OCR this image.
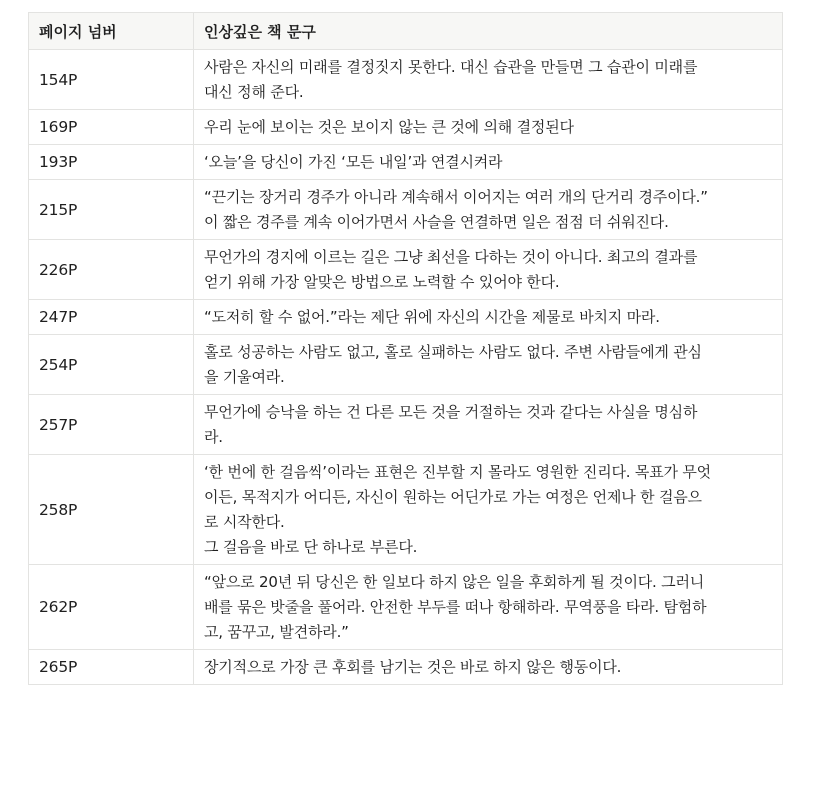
페이지 넘버	인상깊은 책 문구
154P	사람은 자신의 미래를 결정짓지 못한다. 대신 습관을 만들면 그 습관이 미래를
대신 정해 준다.
169P	우리 눈에 보이는 것은 보이지 않는 큰 것에 의해 결정된다
193P	‘오늘’을 당신이 가진 ‘모든 내일’과 연결시켜라
215P	“끈기는 장거리 경주가 아니라 계속해서 이어지는 여러 개의 단거리 경주이다.”
이 짧은 경주를 계속 이어가면서 사슬을 연결하면 일은 점점 더 쉬워진다.
226P	무언가의 경지에 이르는 길은 그냥 최선을 다하는 것이 아니다. 최고의 결과를
얻기 위해 가장 알맞은 방법으로 노력할 수 있어야 한다.
247P	“도저히 할 수 없어.”라는 제단 위에 자신의 시간을 제물로 바치지 마라.
254P	홀로 성공하는 사람도 없고, 홀로 실패하는 사람도 없다. 주변 사람들에게 관심
을 기울여라.
257P	무언가에 승낙을 하는 건 다른 모든 것을 거절하는 것과 같다는 사실을 명심하
라.
258P	‘한 번에 한 걸음씩’이라는 표현은 진부할 지 몰라도 영원한 진리다. 목표가 무엇
이든, 목적지가 어디든, 자신이 원하는 어딘가로 가는 여정은 언제나 한 걸음으
로 시작한다.
그 걸음을 바로 단 하나로 부른다.
262P	“앞으로 20년 뒤 당신은 한 일보다 하지 않은 일을 후회하게 될 것이다. 그러니
배를 묶은 밧줄을 풀어라. 안전한 부두를 떠나 항해하라. 무역풍을 타라. 탐험하
고, 꿈꾸고, 발견하라.”
265P	장기적으로 가장 큰 후회를 남기는 것은 바로 하지 않은 행동이다.
